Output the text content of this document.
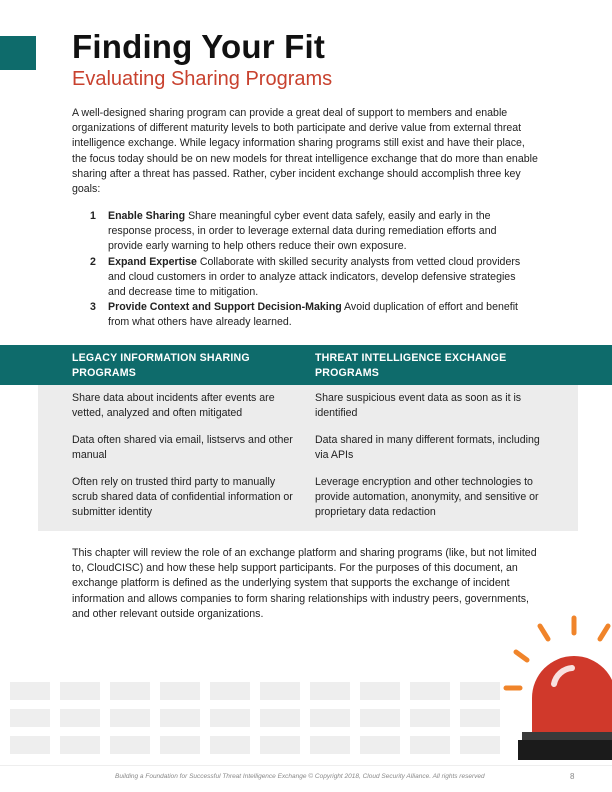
Finding Your Fit
Evaluating Sharing Programs

A well-designed sharing program can provide a great deal of support to members and enable organizations of different maturity levels to both participate and derive value from external threat intelligence exchange. While legacy information sharing programs still exist and have their place, the focus today should be on new models for threat intelligence exchange that do more than enable sharing after a threat has passed. Rather, cyber incident exchange should accomplish three key goals:

1 Enable Sharing Share meaningful cyber event data safely, easily and early in the response process, in order to leverage external data during remediation efforts and provide early warning to help others reduce their own exposure.
2 Expand Expertise Collaborate with skilled security analysts from vetted cloud providers and cloud customers in order to analyze attack indicators, develop defensive strategies and decrease time to mitigation.
3 Provide Context and Support Decision-Making Avoid duplication of effort and benefit from what others have already learned.
LEGACY INFORMATION SHARING PROGRAMS
THREAT INTELLIGENCE EXCHANGE PROGRAMS
Share data about incidents after events are vetted, analyzed and often mitigated
Share suspicious event data as soon as it is identified
Data often shared via email, listservs and other manual
Data shared in many different formats, including via APIs
Often rely on trusted third party to manually scrub shared data of confidential information or submitter identity
Leverage encryption and other technologies to provide automation, anonymity, and sensitive or proprietary data redaction

This chapter will review the role of an exchange platform and sharing programs (like, but not limited to, CloudCISC) and how these help support participants. For the purposes of this document, an exchange platform is defined as the underlying system that supports the exchange of incident information and allows companies to form sharing relationships with industry peers, governments, and other relevant outside organizations.

Building a Foundation for Successful Threat Intelligence Exchange © Copyright 2018, Cloud Security Alliance. All rights reserved	8
